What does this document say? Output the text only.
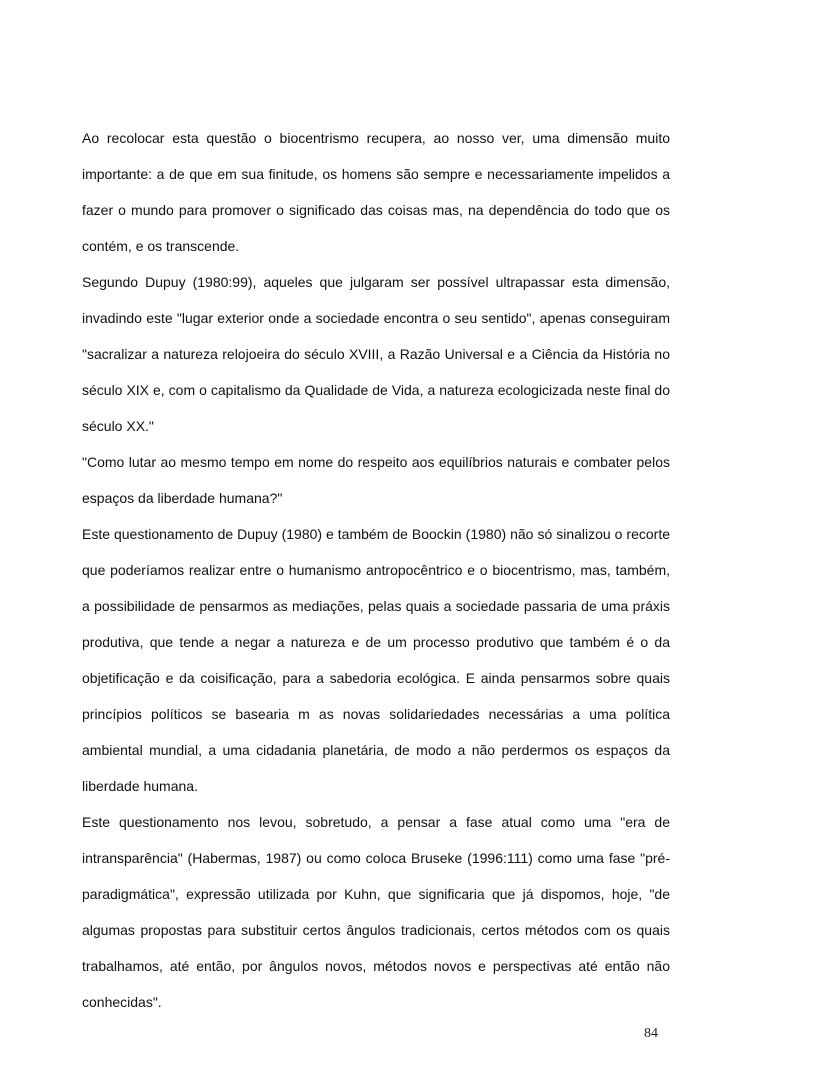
Ao recolocar esta questão o biocentrismo recupera, ao nosso ver, uma dimensão muito importante: a de que em sua finitude, os homens são sempre e necessariamente impelidos a fazer o mundo para promover o significado das coisas mas, na dependência do todo que os contém, e os transcende.

Segundo Dupuy (1980:99), aqueles que julgaram ser possível ultrapassar esta dimensão, invadindo este "lugar exterior onde a sociedade encontra o seu sentido", apenas conseguiram "sacralizar a natureza relojoeira do século XVIII, a Razão Universal e a Ciência da História no século XIX e, com o capitalismo da Qualidade de Vida, a natureza ecologicizada neste final do século XX."

"Como lutar ao mesmo tempo em nome do respeito aos equilíbrios naturais e combater pelos espaços da liberdade humana?"

Este questionamento de Dupuy (1980) e também de Boockin (1980) não só sinalizou o recorte que poderíamos realizar entre o humanismo antropocêntrico e o biocentrismo, mas, também, a possibilidade de pensarmos as mediações, pelas quais a sociedade passaria de uma práxis produtiva, que tende a negar a natureza e de um processo produtivo que também é o da objetificação e da coisificação, para a sabedoria ecológica. E ainda pensarmos sobre quais princípios políticos se basearia m as novas solidariedades necessárias a uma política ambiental mundial, a uma cidadania planetária, de modo a não perdermos os espaços da liberdade humana.

Este questionamento nos levou, sobretudo, a pensar a fase atual como uma "era de intransparência" (Habermas, 1987) ou como coloca Bruseke (1996:111) como uma fase "pré-paradigmática", expressão utilizada por Kuhn, que significaria que já dispomos, hoje, "de algumas propostas para substituir certos ângulos tradicionais, certos métodos com os quais trabalhamos, até então, por ângulos novos, métodos novos e perspectivas até então não conhecidas".

84
